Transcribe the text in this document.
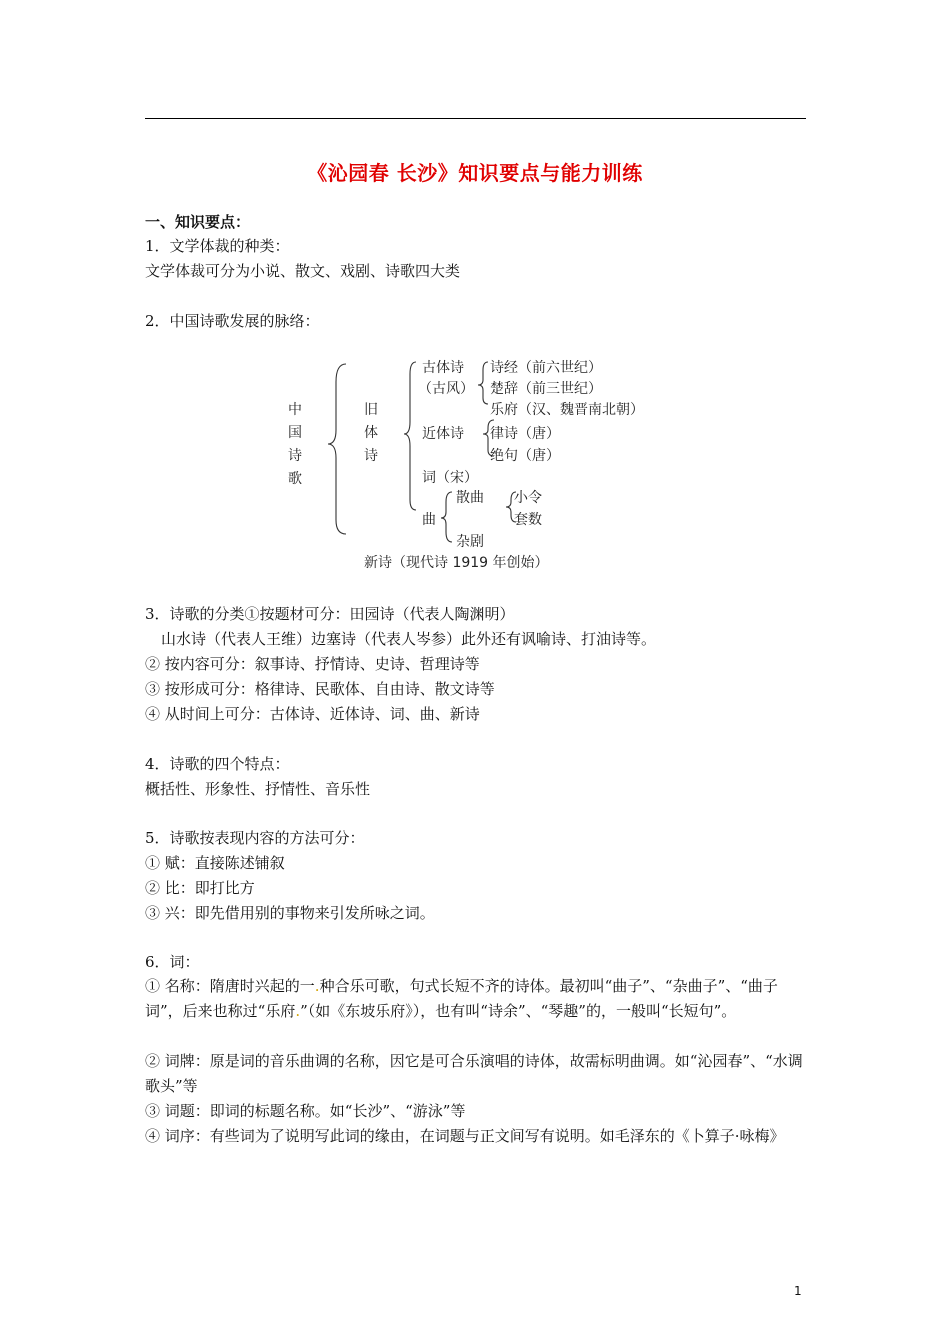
《沁园春 长沙》知识要点与能力训练
一、知识要点：
1．文学体裁的种类：
文学体裁可分为小说、散文、戏剧、诗歌四大类
2．中国诗歌发展的脉络：
中
国
诗
歌
旧
体
诗
古体诗
（古风）
诗经（前六世纪）
楚辞（前三世纪）
乐府（汉、魏晋南北朝）
近体诗 律诗（唐）
绝句（唐）
词（宋）
曲
散曲 小令
套数
杂剧
新诗（现代诗 1919 年创始）
3．诗歌的分类①按题材可分：田园诗（代表人陶渊明）
山水诗（代表人王维）边塞诗（代表人岑参）此外还有讽喻诗、打油诗等。
② 按内容可分：叙事诗、抒情诗、史诗、哲理诗等
③ 按形成可分：格律诗、民歌体、自由诗、散文诗等
④ 从时间上可分：古体诗、近体诗、词、曲、新诗
4．诗歌的四个特点：
概括性、形象性、抒情性、音乐性
5．诗歌按表现内容的方法可分：
① 赋：直接陈述铺叙
② 比：即打比方
③ 兴：即先借用别的事物来引发所咏之词。
6．词：
① 名称：隋唐时兴起的一.种合乐可歌，句式长短不齐的诗体。最初叫“曲子”、“杂曲子”、“曲子词”，后来也称过“乐府.”（如《东坡乐府》），也有叫“诗余”、“琴趣”的，一般叫“长短句”。
② 词牌：原是词的音乐曲调的名称，因它是可合乐演唱的诗体，故需标明曲调。如“沁园春”、“水调歌头”等
③ 词题：即词的标题名称。如“长沙”、“游泳”等
④ 词序：有些词为了说明写此词的缘由，在词题与正文间写有说明。如毛泽东的《卜算子·咏梅》
1
